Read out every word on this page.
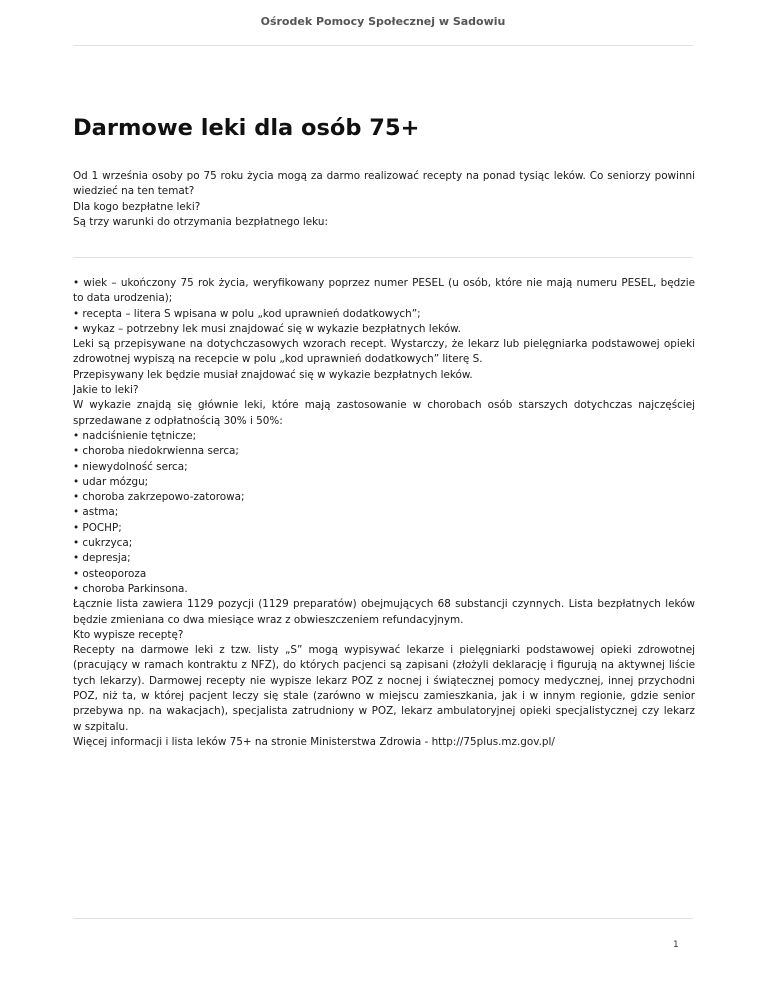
Ośrodek Pomocy Społecznej w Sadowiu
Darmowe leki dla osób 75+
Od 1 września osoby po 75 roku życia mogą za darmo realizować recepty na ponad tysiąc leków. Co seniorzy powinni
wiedzieć na ten temat?
Dla kogo bezpłatne leki?
Są trzy warunki do otrzymania bezpłatnego leku:
• wiek – ukończony 75 rok życia, weryfikowany poprzez numer PESEL (u osób, które nie mają numeru PESEL, będzie
to data urodzenia);
• recepta – litera S wpisana w polu „kod uprawnień dodatkowych”;
• wykaz – potrzebny lek musi znajdować się w wykazie bezpłatnych leków.
Leki są przepisywane na dotychczasowych wzorach recept. Wystarczy, że lekarz lub pielęgniarka podstawowej opieki
zdrowotnej wypiszą na recepcie w polu „kod uprawnień dodatkowych” literę S.
Przepisywany lek będzie musiał znajdować się w wykazie bezpłatnych leków.
Jakie to leki?
W wykazie znajdą się głównie leki, które mają zastosowanie w chorobach osób starszych dotychczas najczęściej
sprzedawane z odpłatnością 30% i 50%:
• nadciśnienie tętnicze;
• choroba niedokrwienna serca;
• niewydolność serca;
• udar mózgu;
• choroba zakrzepowo-zatorowa;
• astma;
• POCHP;
• cukrzyca;
• depresja;
• osteoporoza
• choroba Parkinsona.
Łącznie lista zawiera 1129 pozycji (1129 preparatów) obejmujących 68 substancji czynnych. Lista bezpłatnych leków
będzie zmieniana co dwa miesiące wraz z obwieszczeniem refundacyjnym.
Kto wypisze receptę?
Recepty na darmowe leki z tzw. listy „S” mogą wypisywać lekarze i pielęgniarki podstawowej opieki zdrowotnej
(pracujący w ramach kontraktu z NFZ), do których pacjenci są zapisani (złożyli deklarację i figurują na aktywnej liście
tych lekarzy). Darmowej recepty nie wypisze lekarz POZ z nocnej i świątecznej pomocy medycznej, innej przychodni
POZ, niż ta, w której pacjent leczy się stale (zarówno w miejscu zamieszkania, jak i w innym regionie, gdzie senior
przebywa np. na wakacjach), specjalista zatrudniony w POZ, lekarz ambulatoryjnej opieki specjalistycznej czy lekarz
w szpitalu.
Więcej informacji i lista leków 75+ na stronie Ministerstwa Zdrowia - http://75plus.mz.gov.pl/
1
